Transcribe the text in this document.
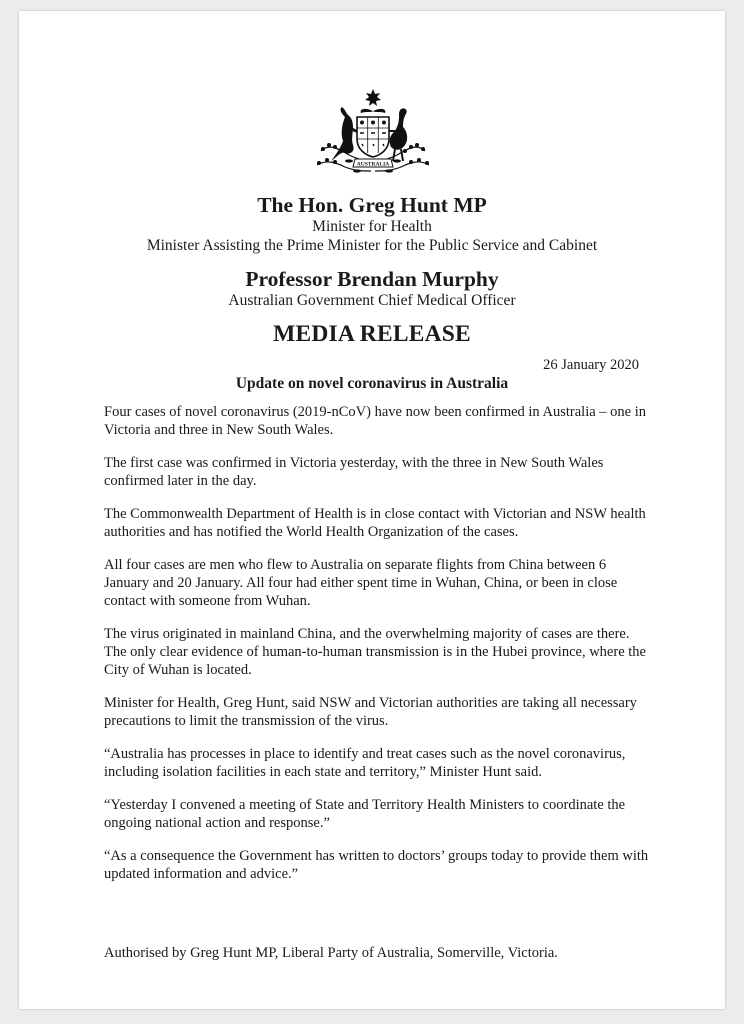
AUSTRALIA
The Hon. Greg Hunt MP
Minister for Health
Minister Assisting the Prime Minister for the Public Service and Cabinet
Professor Brendan Murphy
Australian Government Chief Medical Officer
MEDIA RELEASE
26 January 2020
Update on novel coronavirus in Australia

Four cases of novel coronavirus (2019-nCoV) have now been confirmed in Australia – one in Victoria and three in New South Wales.

The first case was confirmed in Victoria yesterday, with the three in New South Wales confirmed later in the day.

The Commonwealth Department of Health is in close contact with Victorian and NSW health authorities and has notified the World Health Organization of the cases.

All four cases are men who flew to Australia on separate flights from China between 6 January and 20 January. All four had either spent time in Wuhan, China, or been in close contact with someone from Wuhan.

The virus originated in mainland China, and the overwhelming majority of cases are there. The only clear evidence of human-to-human transmission is in the Hubei province, where the City of Wuhan is located.

Minister for Health, Greg Hunt, said NSW and Victorian authorities are taking all necessary precautions to limit the transmission of the virus.

“Australia has processes in place to identify and treat cases such as the novel coronavirus, including isolation facilities in each state and territory,” Minister Hunt said.

“Yesterday I convened a meeting of State and Territory Health Ministers to coordinate the ongoing national action and response.”

“As a consequence the Government has written to doctors’ groups today to provide them with updated information and advice.”

Authorised by Greg Hunt MP, Liberal Party of Australia, Somerville, Victoria.
